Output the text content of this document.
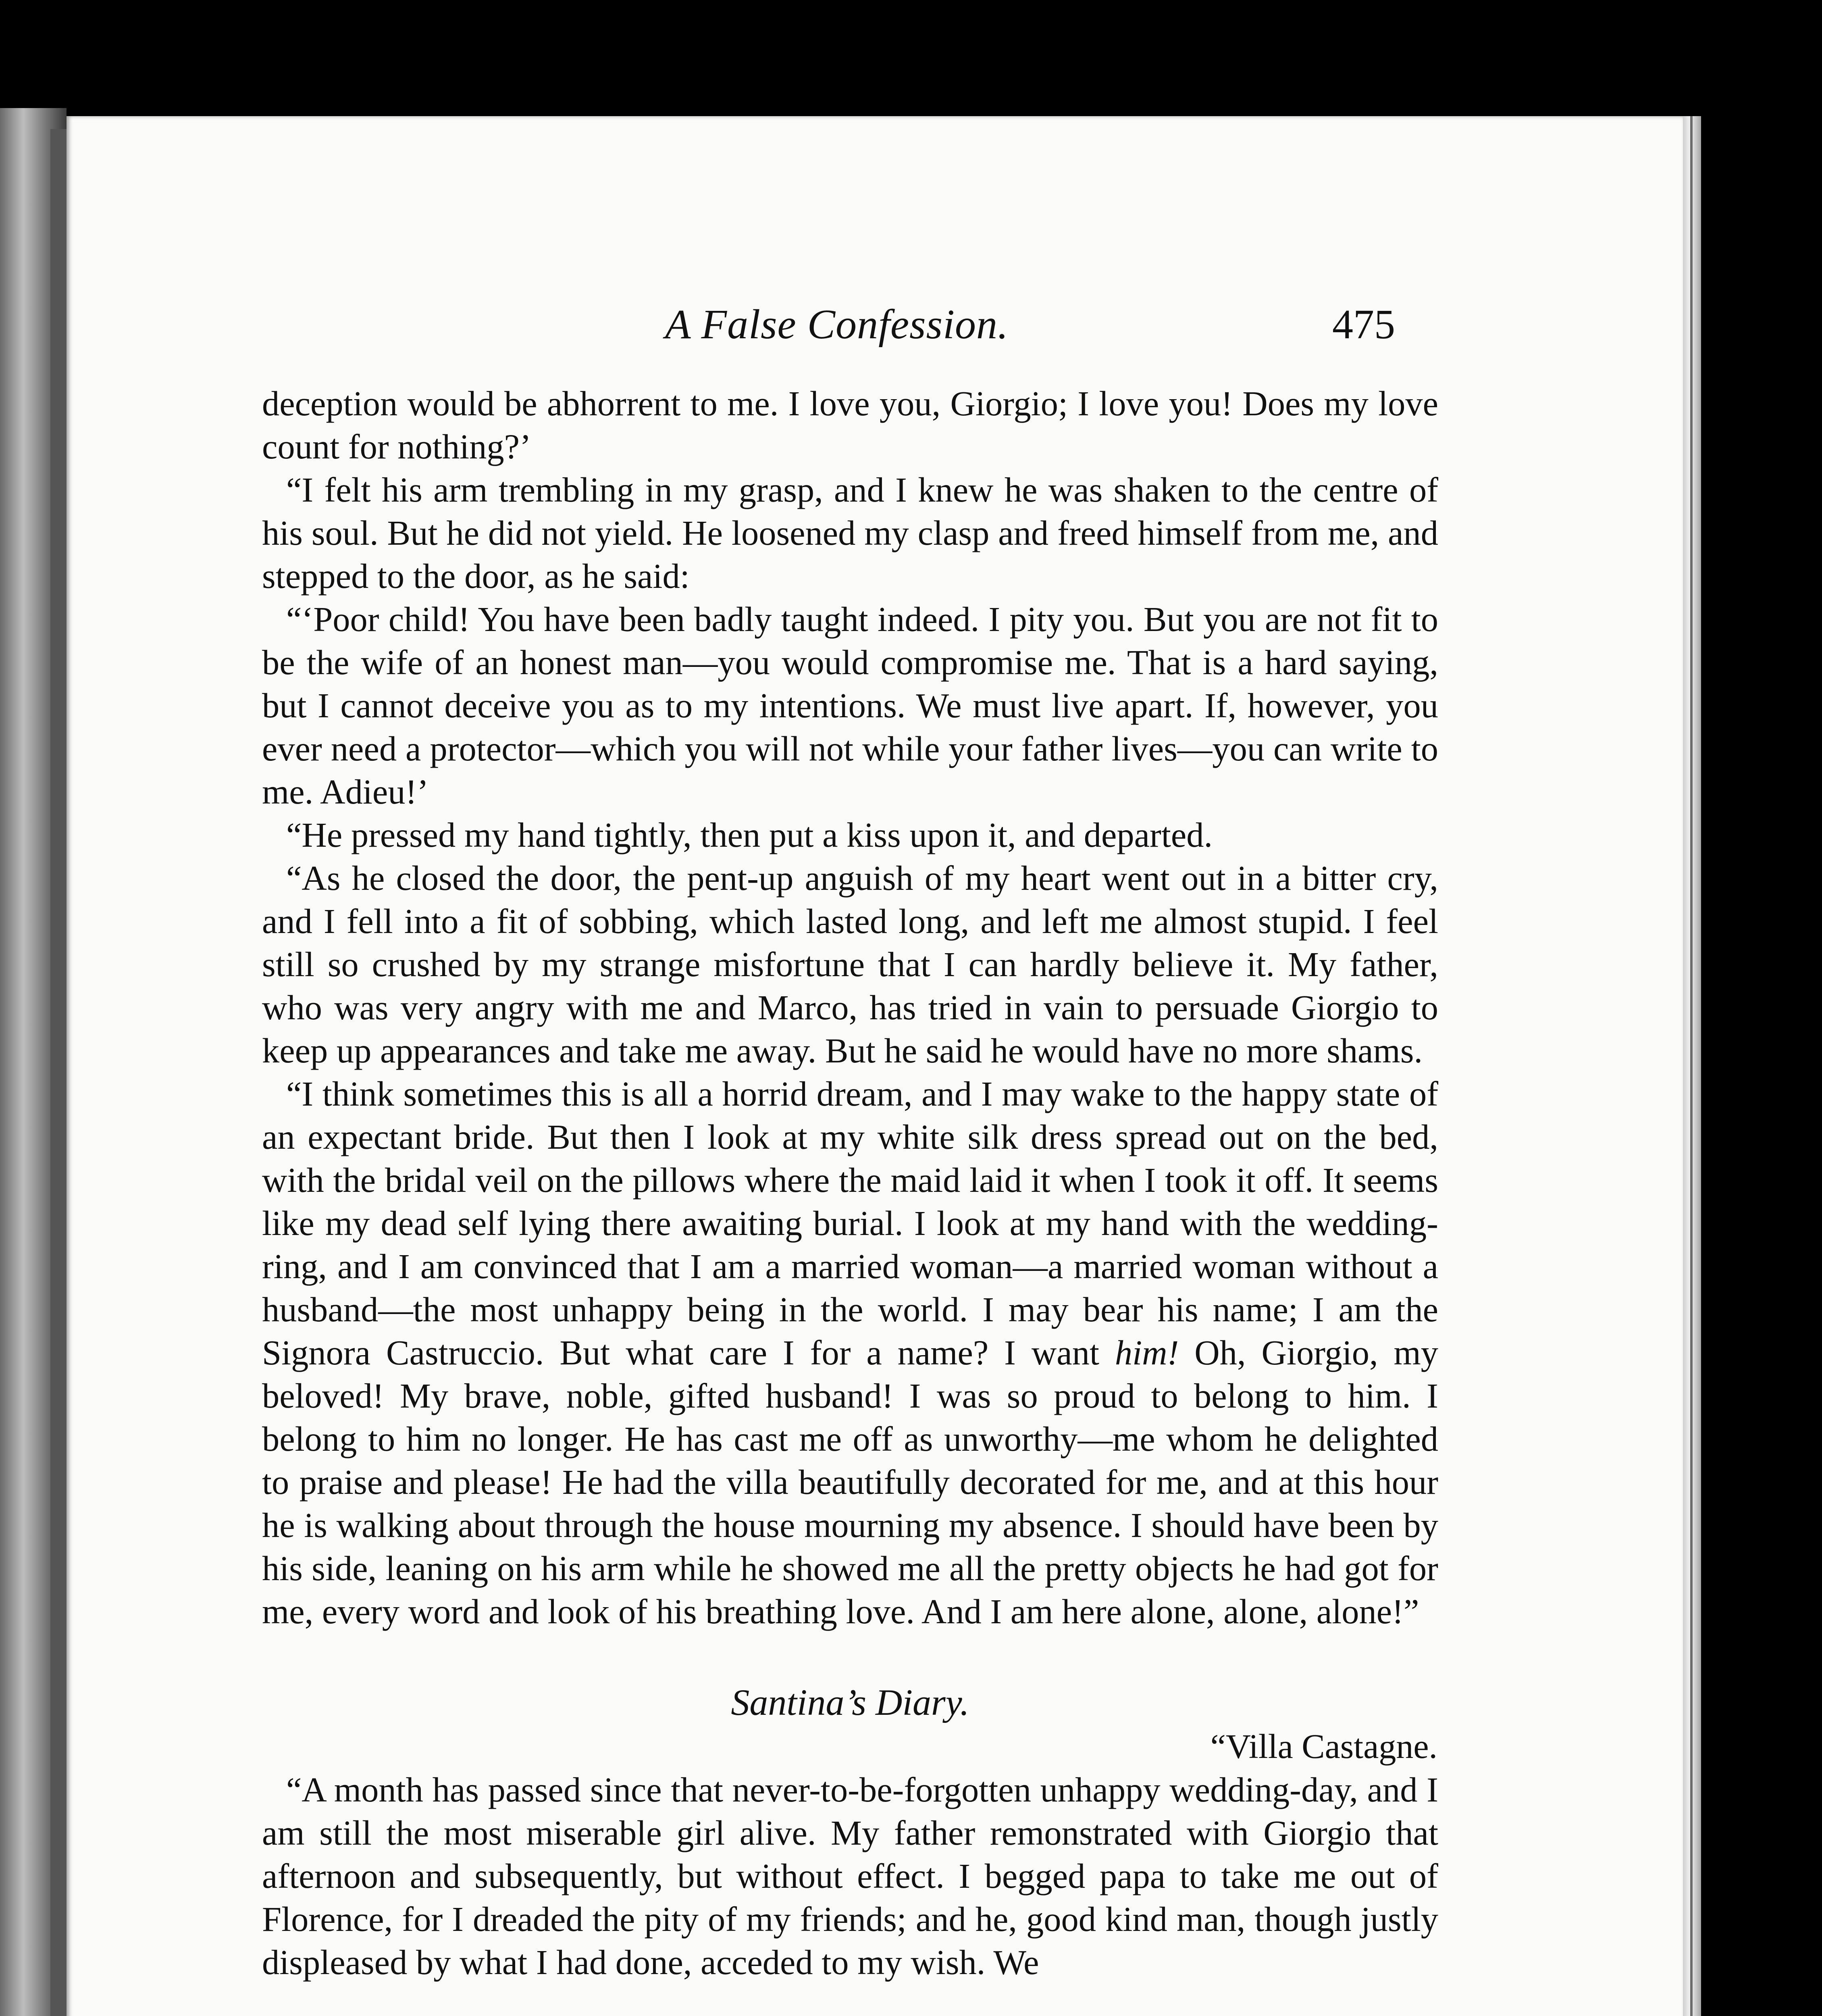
A False Confession.	475

deception would be abhorrent to me. I love you, Giorgio; I love you! Does my love count for nothing?’

“I felt his arm trembling in my grasp, and I knew he was shaken to the centre of his soul. But he did not yield. He loosened my clasp and freed himself from me, and stepped to the door, as he said:

“‘Poor child! You have been badly taught indeed. I pity you. But you are not fit to be the wife of an honest man—you would compromise me. That is a hard saying, but I cannot deceive you as to my intentions. We must live apart. If, however, you ever need a protector—which you will not while your father lives—you can write to me. Adieu!’

“He pressed my hand tightly, then put a kiss upon it, and departed.

“As he closed the door, the pent-up anguish of my heart went out in a bitter cry, and I fell into a fit of sobbing, which lasted long, and left me almost stupid. I feel still so crushed by my strange misfortune that I can hardly believe it. My father, who was very angry with me and Marco, has tried in vain to persuade Giorgio to keep up appearances and take me away. But he said he would have no more shams.

“I think sometimes this is all a horrid dream, and I may wake to the happy state of an expectant bride. But then I look at my white silk dress spread out on the bed, with the bridal veil on the pillows where the maid laid it when I took it off. It seems like my dead self lying there awaiting burial. I look at my hand with the wedding-ring, and I am convinced that I am a married woman—a married woman without a husband—the most unhappy being in the world. I may bear his name; I am the Signora Castruccio. But what care I for a name? I want him! Oh, Giorgio, my beloved! My brave, noble, gifted husband! I was so proud to belong to him. I belong to him no longer. He has cast me off as unworthy—me whom he delighted to praise and please! He had the villa beautifully decorated for me, and at this hour he is walking about through the house mourning my absence. I should have been by his side, leaning on his arm while he showed me all the pretty objects he had got for me, every word and look of his breathing love. And I am here alone, alone, alone!”

Santina’s Diary.
“Villa Castagne.

“A month has passed since that never-to-be-forgotten unhappy wedding-day, and I am still the most miserable girl alive. My father remonstrated with Giorgio that afternoon and subsequently, but without effect. I begged papa to take me out of Florence, for I dreaded the pity of my friends; and he, good kind man, though justly displeased by what I had done, acceded to my wish. We
